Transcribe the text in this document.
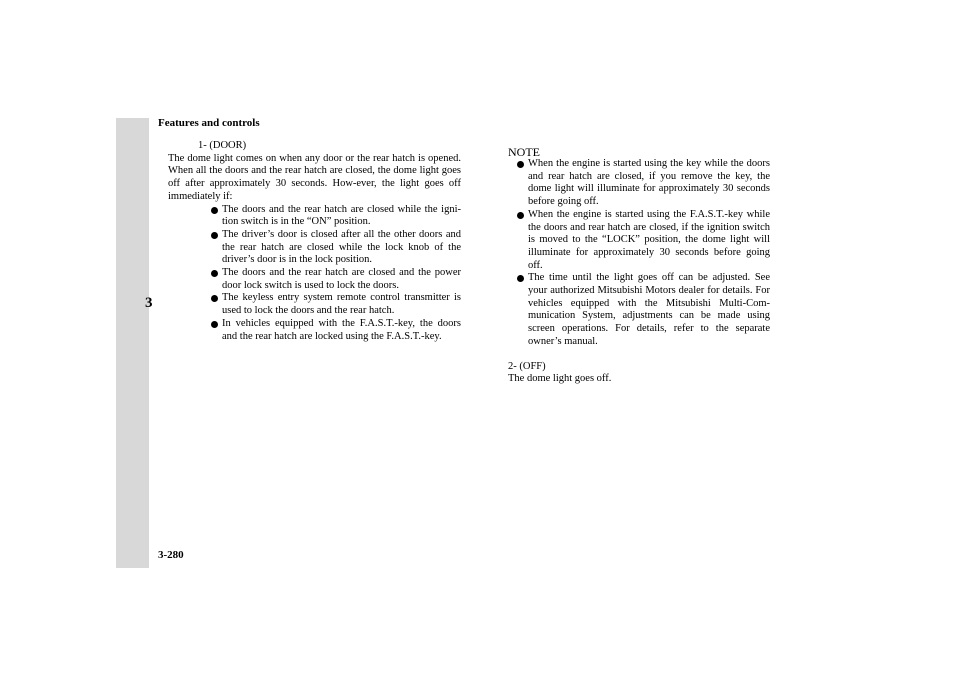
Features and controls
3

1- (DOOR)

The dome light comes on when any door or the rear hatch is opened. When all the doors and the rear hatch are closed, the dome light goes off after approximately 30 seconds. How-ever, the light goes off immediately if:

The doors and the rear hatch are closed while the igni-tion switch is in the “ON” position.
The driver’s door is closed after all the other doors and the rear hatch are closed while the lock knob of the driver’s door is in the lock position.
The doors and the rear hatch are closed and the power door lock switch is used to lock the doors.
The keyless entry system remote control transmitter is used to lock the doors and the rear hatch.
In vehicles equipped with the F.A.S.T.-key, the doors and the rear hatch are locked using the F.A.S.T.-key.

NOTE

When the engine is started using the key while the doors and rear hatch are closed, if you remove the key, the dome light will illuminate for approximately 30 seconds before going off.
When the engine is started using the F.A.S.T.-key while the doors and rear hatch are closed, if the ignition switch is moved to the “LOCK” position, the dome light will illuminate for approximately 30 seconds before going off.
The time until the light goes off can be adjusted. See your authorized Mitsubishi Motors dealer for details. For vehicles equipped with the Mitsubishi Multi-Com-munication System, adjustments can be made using screen operations. For details, refer to the separate owner’s manual.

2- (OFF)

The dome light goes off.

3-280
